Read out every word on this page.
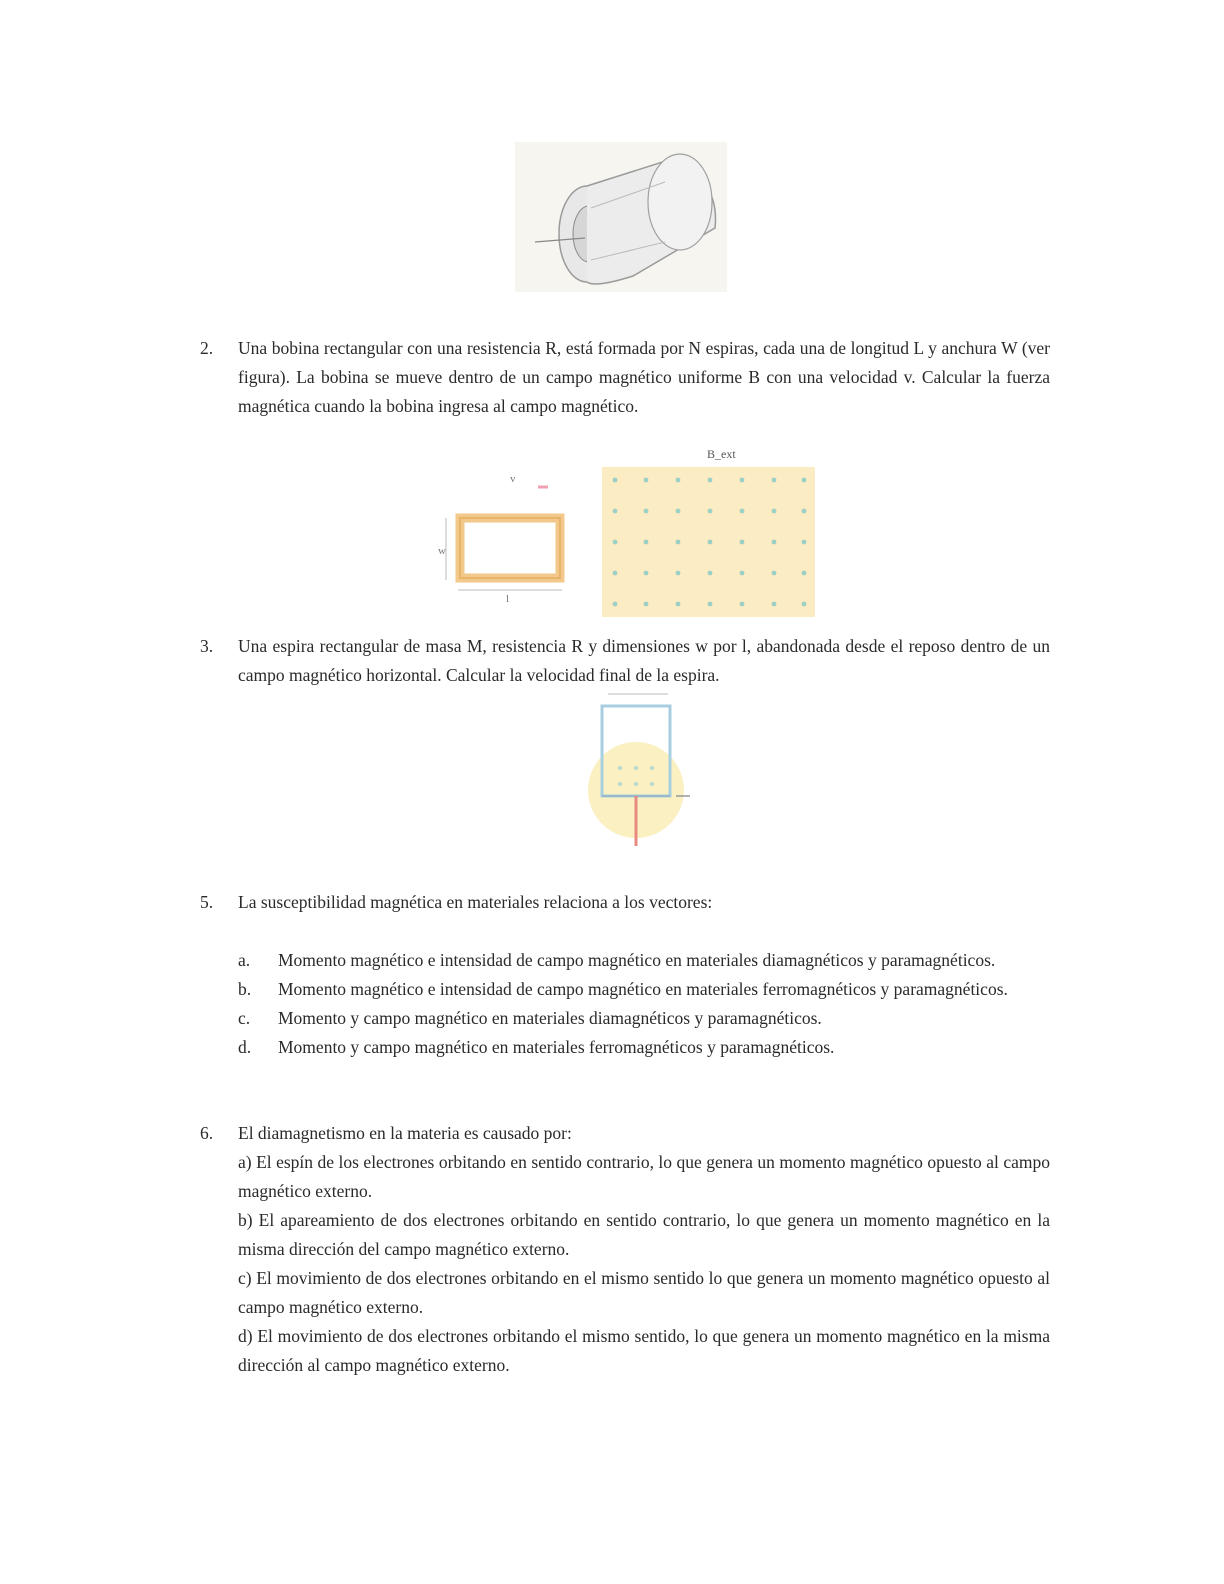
2.	Una bobina rectangular con una resistencia R, está formada por N espiras, cada una de longitud L y anchura W (ver figura). La bobina se mueve dentro de un campo magnético uniforme B con una velocidad v. Calcular la fuerza magnética cuando la bobina ingresa al campo magnético.
B_ext
v
w
l
3.	Una espira rectangular de masa M, resistencia R y dimensiones w por l, abandonada desde el reposo dentro de un campo magnético horizontal. Calcular la velocidad final de la espira.
5.	La susceptibilidad magnética en materiales relaciona a los vectores:
a. Momento magnético e intensidad de campo magnético en materiales diamagnéticos y paramagnéticos.
b. Momento magnético e intensidad de campo magnético en materiales ferromagnéticos y paramagnéticos.
c. Momento y campo magnético en materiales diamagnéticos y paramagnéticos.
d. Momento y campo magnético en materiales ferromagnéticos y paramagnéticos.
6.	El diamagnetismo en la materia es causado por:
a) El espín de los electrones orbitando en sentido contrario, lo que genera un momento magnético opuesto al campo magnético externo.
b) El apareamiento de dos electrones orbitando en sentido contrario, lo que genera un momento magnético en la misma dirección del campo magnético externo.
c) El movimiento de dos electrones orbitando en el mismo sentido lo que genera un momento magnético opuesto al campo magnético externo.
d) El movimiento de dos electrones orbitando el mismo sentido, lo que genera un momento magnético en la misma dirección al campo magnético externo.
